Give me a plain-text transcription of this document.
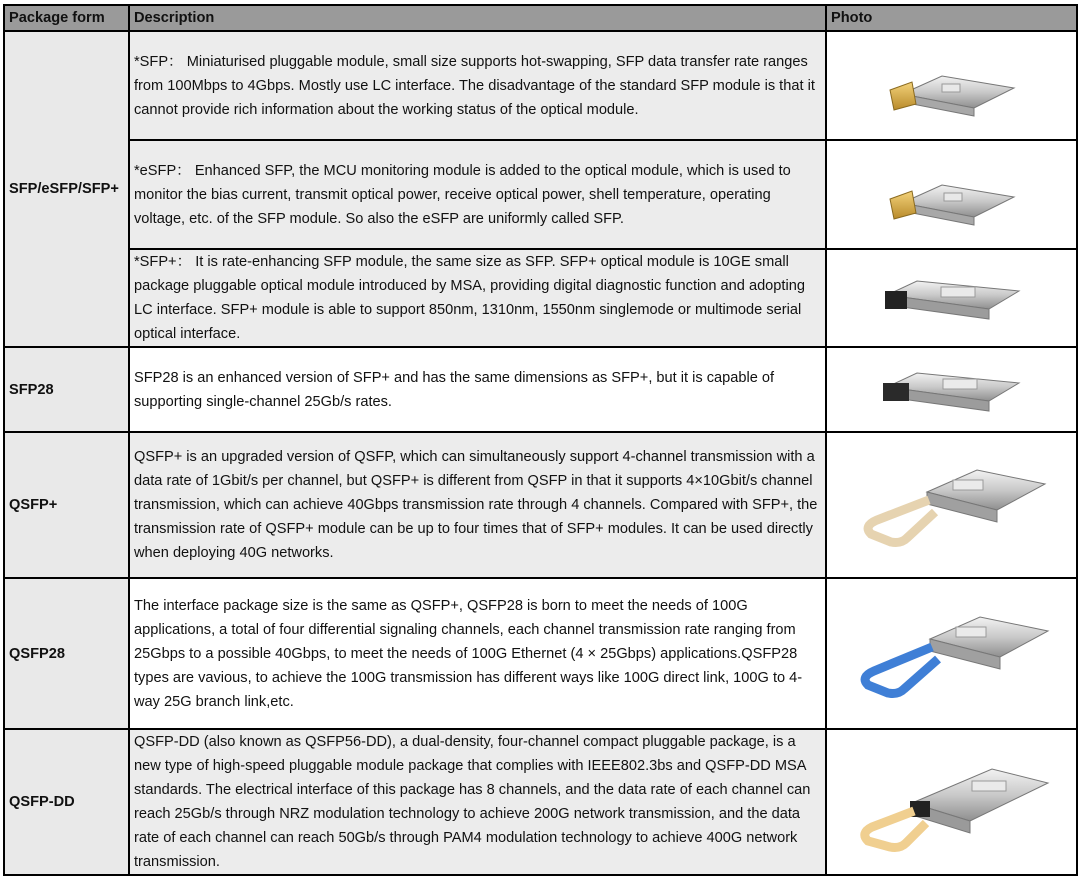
Package form	Description	Photo
SFP/eSFP/SFP+	*SFP： Miniaturised pluggable module, small size supports hot-swapping, SFP data transfer rate ranges from 100Mbps to 4Gbps. Mostly use LC interface. The disadvantage of the standard SFP module is that it cannot provide rich information about the working status of the optical module.	

	*eSFP： Enhanced SFP, the MCU monitoring module is added to the optical module, which is used to monitor the bias current, transmit optical power, receive optical power, shell temperature, operating voltage, etc. of the SFP module. So also the eSFP are uniformly called SFP.	

	*SFP+： It is rate-enhancing SFP module, the same size as SFP. SFP+ optical module is 10GE small package pluggable optical module introduced by MSA, providing digital diagnostic function and adopting LC interface. SFP+ module is able to support 850nm, 1310nm, 1550nm singlemode or multimode serial optical interface.	

SFP28	SFP28 is an enhanced version of SFP+ and has the same dimensions as SFP+, but it is capable of supporting single-channel 25Gb/s rates.	

QSFP+	QSFP+ is an upgraded version of QSFP, which can simultaneously support 4-channel transmission with a data rate of 1Gbit/s per channel, but QSFP+ is different from QSFP in that it supports 4×10Gbit/s channel transmission, which can achieve 40Gbps transmission rate through 4 channels. Compared with SFP+, the transmission rate of QSFP+ module can be up to four times that of SFP+ modules. It can be used directly when deploying 40G networks.	

QSFP28	The interface package size is the same as QSFP+, QSFP28 is born to meet the needs of 100G applications, a total of four differential signaling channels, each channel transmission rate ranging from 25Gbps to a possible 40Gbps, to meet the needs of 100G Ethernet (4 × 25Gbps) applications.QSFP28 types are vavious, to achieve the 100G transmission has different ways like 100G direct link, 100G to 4-way 25G branch link,etc.	

QSFP-DD	QSFP-DD (also known as QSFP56-DD), a dual-density, four-channel compact pluggable package, is a new type of high-speed pluggable module package that complies with IEEE802.3bs and QSFP-DD MSA standards. The electrical interface of this package has 8 channels, and the data rate of each channel can reach 25Gb/s through NRZ modulation technology to achieve 200G network transmission, and the data rate of each channel can reach 50Gb/s through PAM4 modulation technology to achieve 400G network transmission.	
